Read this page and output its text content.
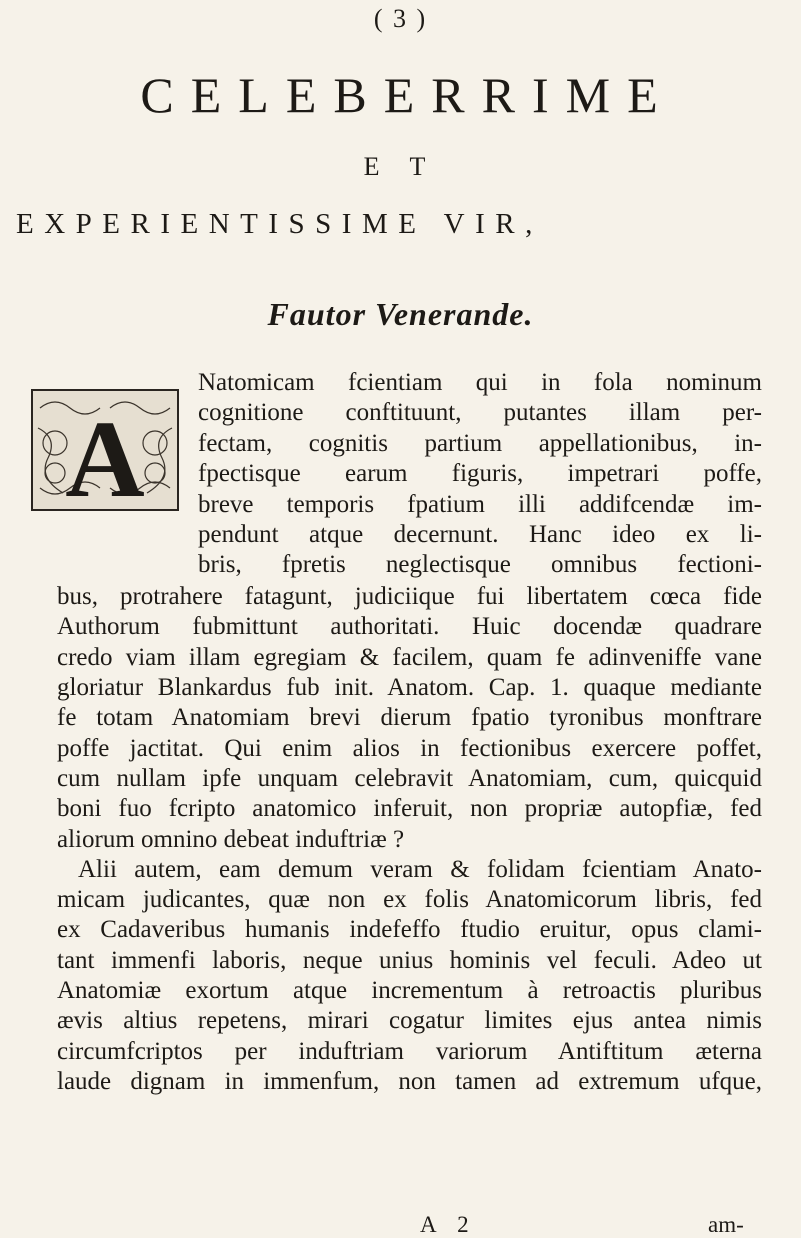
( 3 )
CELEBERRIME
E T
EXPERIENTISSIME VIR,
Fautor Venerande.
A
Natomicam fcientiam qui in fola nominum
cognitione conftituunt, putantes illam per-
fectam, cognitis partium appellationibus, in-
fpectisque earum figuris, impetrari poffe,
breve temporis fpatium illi addifcendæ im-
pendunt atque decernunt. Hanc ideo ex li-
bris, fpretis neglectisque omnibus fectioni-
bus, protrahere fatagunt, judiciique fui libertatem cœca fide
Authorum fubmittunt authoritati. Huic docendæ quadrare
credo viam illam egregiam & facilem, quam fe adinveniffe vane
gloriatur Blankardus fub init. Anatom. Cap. 1. quaque mediante
fe totam Anatomiam brevi dierum fpatio tyronibus monftrare
poffe jactitat. Qui enim alios in fectionibus exercere poffet,
cum nullam ipfe unquam celebravit Anatomiam, cum, quicquid
boni fuo fcripto anatomico inferuit, non propriæ autopfiæ, fed
aliorum omnino debeat induftriæ ?
Alii autem, eam demum veram & folidam fcientiam Anato-
micam judicantes, quæ non ex folis Anatomicorum libris, fed
ex Cadaveribus humanis indefeffo ftudio eruitur, opus clami-
tant immenfi laboris, neque unius hominis vel feculi. Adeo ut
Anatomiæ exortum atque incrementum à retroactis pluribus
ævis altius repetens, mirari cogatur limites ejus antea nimis
circumfcriptos per induftriam variorum Antiftitum æterna
laude dignam in immenfum, non tamen ad extremum ufque,
A 2	am-
